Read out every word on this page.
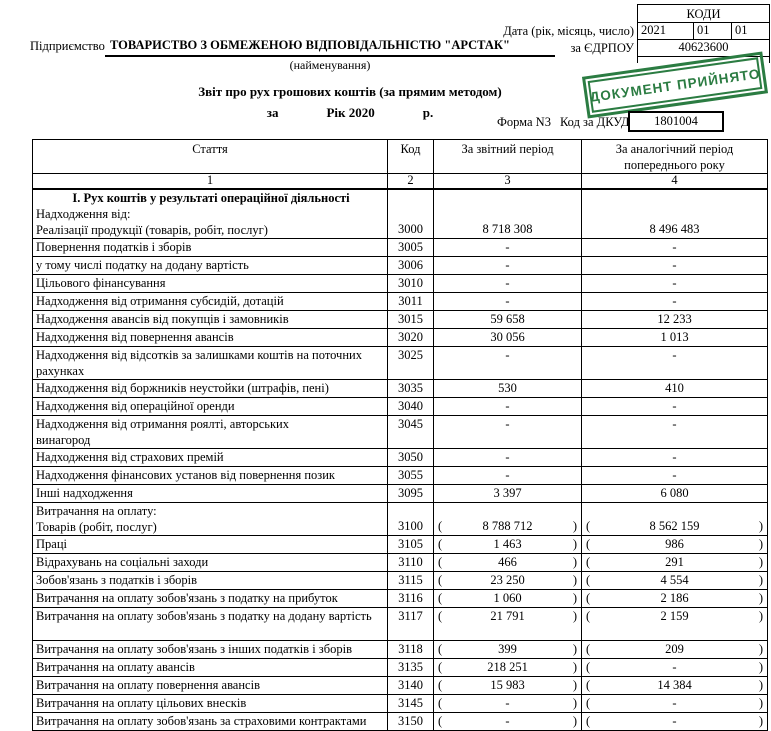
КОДИ
2021	01	01
40623600
Дата (рік, місяць, число)
за ЄДРПОУ
Підприємство ТОВАРИСТВО З ОБМЕЖЕНОЮ ВІДПОВІДАЛЬНІСТЮ "АРСТАК"
(найменування)
ДОКУМЕНТ ПРИЙНЯТО
Звіт про рух грошових коштів (за прямим методом)
за	Рік 2020	р.
Форма N3 Код за ДКУД	1801004
Стаття	Код	За звітний період	За аналогічний період
попереднього року

1	2	3	4

I. Рух коштів у результаті операційної діяльності
Надходження від:
Реалізації продукції (товарів, робіт, послуг)	3000	8 718 308	8 496 483

Повернення податків і зборів	3005	-	-

у тому числі податку на додану вартість	3006	-	-

Цільового фінансування	3010	-	-

Надходження від отримання субсидій, дотацій	3011	-	-

Надходження авансів від покупців і замовників	3015	59 658	12 233

Надходження від повернення авансів	3020	30 056	1 013

Надходження від відсотків за залишками коштів на поточних
рахунках	3025	-	-

Надходження від боржників неустойки (штрафів, пені)	3035	530	410

Надходження від операційної оренди	3040	-	-

Надходження від отримання роялті, авторських
винагород	3045	-	-

Надходження від страхових премій	3050	-	-

Надходження фінансових установ від повернення позик	3055	-	-

Інші надходження	3095	3 397	6 080

Витрачання на оплату:
Товарів (робіт, послуг)	3100	(	8 788 712	)	(	8 562 159	)

Праці	3105	( 1 463 )	( 986 )

Відрахувань на соціальні заходи	3110	( 466 )	( 291 )

Зобов'язань з податків і зборів	3115	( 23 250 )	( 4 554 )

Витрачання на оплату зобов'язань з податку на прибуток	3116	( 1 060 )	( 2 186 )

Витрачання на оплату зобов'язань з податку на додану вартість	3117	( 21 791 )	( 2 159 )

Витрачання на оплату зобов'язань з інших податків і зборів	3118	( 399 )	( 209 )

Витрачання на оплату авансів	3135	( 218 251 )	( - )

Витрачання на оплату повернення авансів	3140	( 15 983 )	( 14 384 )

Витрачання на оплату цільових внесків	3145	( - )	( - )

Витрачання на оплату зобов'язань за страховими контрактами	3150	( - )	( - )
